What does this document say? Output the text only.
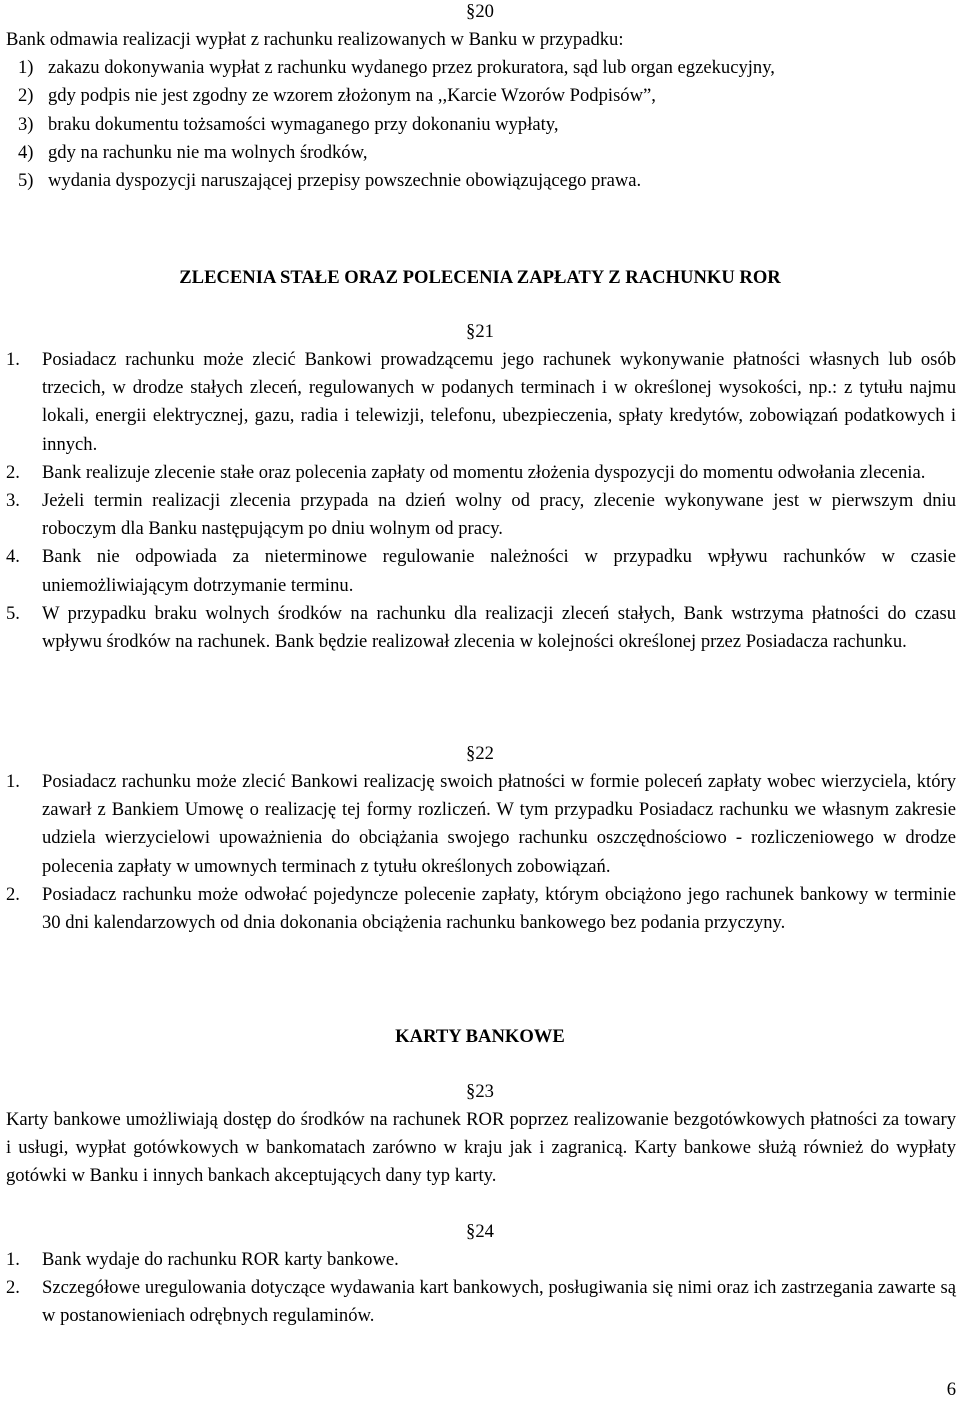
§20

Bank odmawia realizacji wypłat z rachunku realizowanych w Banku w przypadku:

1) zakazu dokonywania wypłat z rachunku wydanego przez prokuratora, sąd lub organ egzekucyjny,
2) gdy podpis nie jest zgodny ze wzorem złożonym na ,,Karcie Wzorów Podpisów”,
3) braku dokumentu tożsamości wymaganego przy dokonaniu wypłaty,
4) gdy na rachunku nie ma wolnych środków,
5) wydania dyspozycji naruszającej przepisy powszechnie obowiązującego prawa.
ZLECENIA STAŁE ORAZ POLECENIA ZAPŁATY Z RACHUNKU ROR
§21
1.	Posiadacz rachunku może zlecić Bankowi prowadzącemu jego rachunek wykonywanie płatności własnych lub osób trzecich, w drodze stałych zleceń, regulowanych w podanych terminach i w określonej wysokości, np.: z tytułu najmu lokali, energii elektrycznej, gazu, radia i telewizji, telefonu, ubezpieczenia, spłaty kredytów, zobowiązań podatkowych i innych.
2.	Bank realizuje zlecenie stałe oraz polecenia zapłaty od momentu złożenia dyspozycji do momentu odwołania zlecenia.
3.	Jeżeli termin realizacji zlecenia przypada na dzień wolny od pracy, zlecenie wykonywane jest w pierwszym dniu roboczym dla Banku następującym po dniu wolnym od pracy.
4.	Bank nie odpowiada za nieterminowe regulowanie należności w przypadku wpływu rachunków w czasie uniemożliwiającym dotrzymanie terminu.
5.	W przypadku braku wolnych środków na rachunku dla realizacji zleceń stałych, Bank wstrzyma płatności do czasu wpływu środków na rachunek. Bank będzie realizował zlecenia w kolejności określonej przez Posiadacza rachunku.
§22
1.	Posiadacz rachunku może zlecić Bankowi realizację swoich płatności w formie poleceń zapłaty wobec wierzyciela, który zawarł z Bankiem Umowę o realizację tej formy rozliczeń. W tym przypadku Posiadacz rachunku we własnym zakresie udziela wierzycielowi upoważnienia do obciążania swojego rachunku oszczędnościowo - rozliczeniowego w drodze polecenia zapłaty w umownych terminach z tytułu określonych zobowiązań.
2.	Posiadacz rachunku może odwołać pojedyncze polecenie zapłaty, którym obciążono jego rachunek bankowy w terminie 30 dni kalendarzowych od dnia dokonania obciążenia rachunku bankowego bez podania przyczyny.
KARTY BANKOWE
§23

Karty bankowe umożliwiają dostęp do środków na rachunek ROR poprzez realizowanie bezgotówkowych płatności za towary i usługi, wypłat gotówkowych w bankomatach zarówno w kraju jak i zagranicą. Karty bankowe służą również do wypłaty gotówki w Banku i innych bankach akceptujących dany typ karty.

§24
1.	Bank wydaje do rachunku ROR karty bankowe.
2.	Szczegółowe uregulowania dotyczące wydawania kart bankowych, posługiwania się nimi oraz ich zastrzegania zawarte są w postanowieniach odrębnych regulaminów.
6
